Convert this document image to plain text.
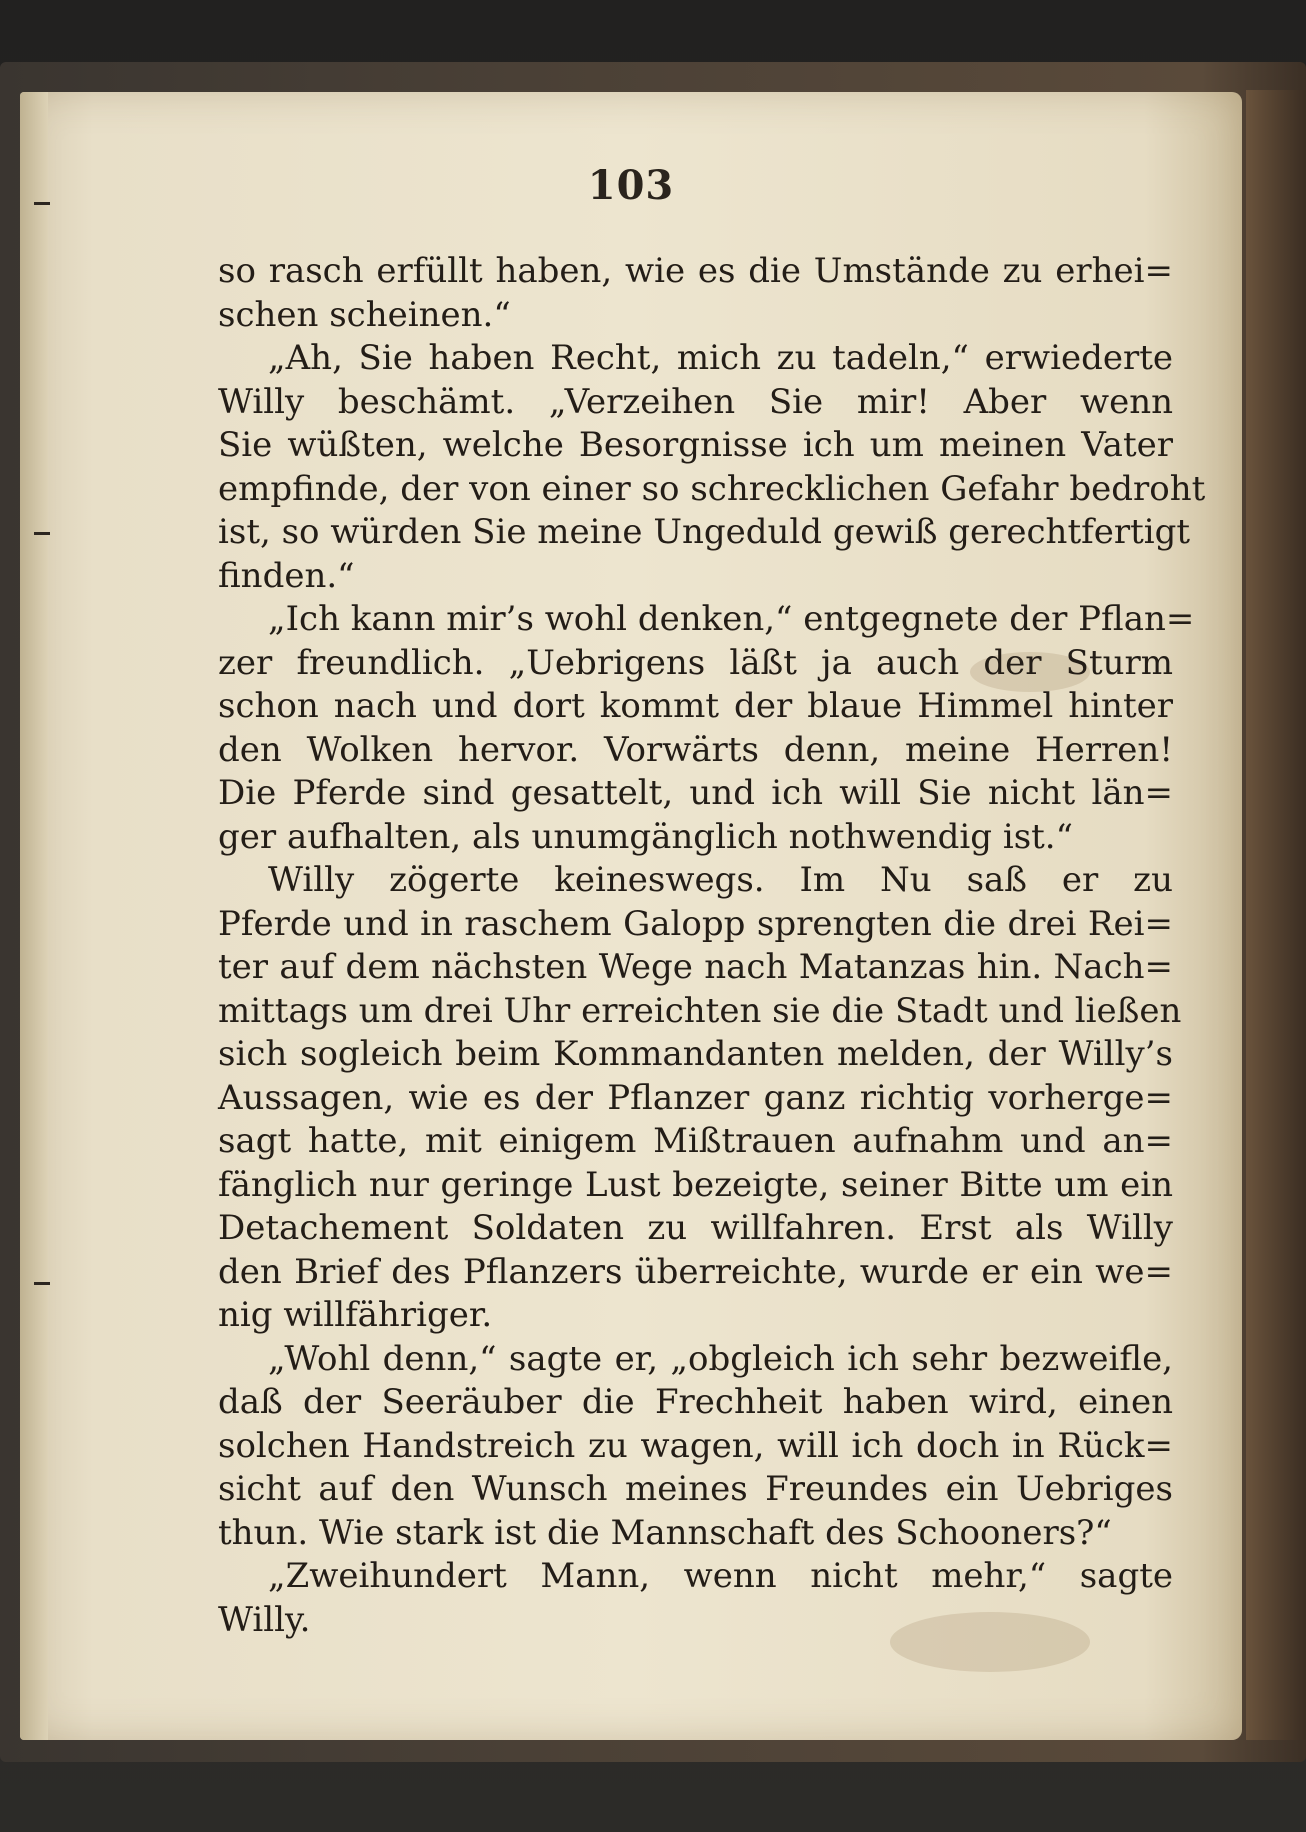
103
so rasch erfüllt haben, wie es die Umstände zu erhei=
schen scheinen.“
„Ah, Sie haben Recht, mich zu tadeln,“ erwiederte
Willy beschämt. „Verzeihen Sie mir! Aber wenn
Sie wüßten, welche Besorgnisse ich um meinen Vater
empfinde, der von einer so schrecklichen Gefahr bedroht
ist, so würden Sie meine Ungeduld gewiß gerechtfertigt
finden.“
„Ich kann mir’s wohl denken,“ entgegnete der Pflan=
zer freundlich. „Uebrigens läßt ja auch der Sturm
schon nach und dort kommt der blaue Himmel hinter
den Wolken hervor. Vorwärts denn, meine Herren!
Die Pferde sind gesattelt, und ich will Sie nicht län=
ger aufhalten, als unumgänglich nothwendig ist.“
Willy zögerte keineswegs. Im Nu saß er zu
Pferde und in raschem Galopp sprengten die drei Rei=
ter auf dem nächsten Wege nach Matanzas hin. Nach=
mittags um drei Uhr erreichten sie die Stadt und ließen
sich sogleich beim Kommandanten melden, der Willy’s
Aussagen, wie es der Pflanzer ganz richtig vorherge=
sagt hatte, mit einigem Mißtrauen aufnahm und an=
fänglich nur geringe Lust bezeigte, seiner Bitte um ein
Detachement Soldaten zu willfahren. Erst als Willy
den Brief des Pflanzers überreichte, wurde er ein we=
nig willfähriger.
„Wohl denn,“ sagte er, „obgleich ich sehr bezweifle,
daß der Seeräuber die Frechheit haben wird, einen
solchen Handstreich zu wagen, will ich doch in Rück=
sicht auf den Wunsch meines Freundes ein Uebriges
thun. Wie stark ist die Mannschaft des Schooners?“
„Zweihundert Mann, wenn nicht mehr,“ sagte
Willy.
